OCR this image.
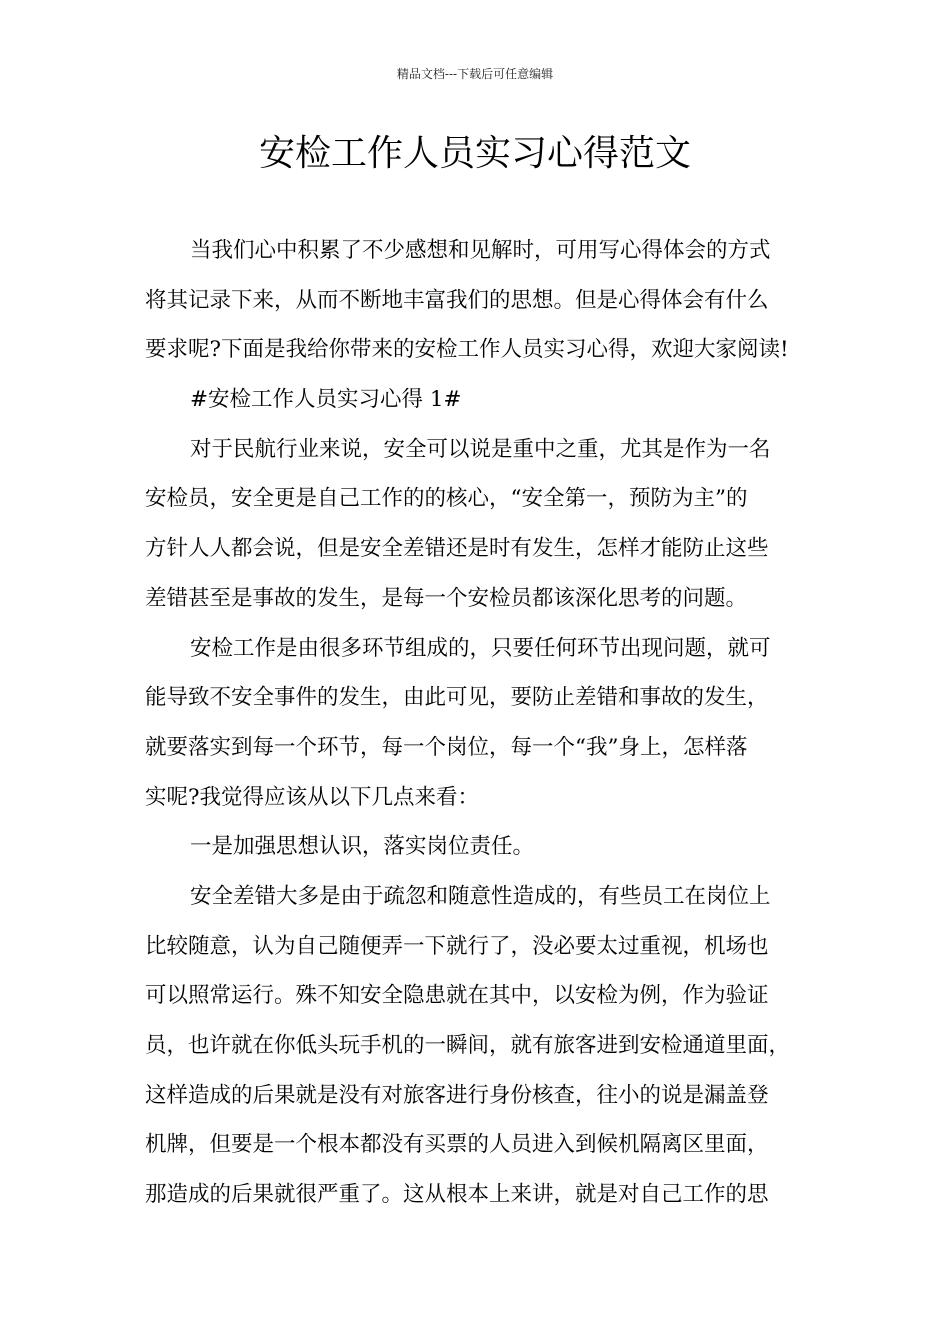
精品文档---下载后可任意编辑
安检工作人员实习心得范文
当我们心中积累了不少感想和见解时，可用写心得体会的方式
将其记录下来，从而不断地丰富我们的思想。但是心得体会有什么
要求呢?下面是我给你带来的安检工作人员实习心得，欢迎大家阅读!
#安检工作人员实习心得 1#
对于民航行业来说，安全可以说是重中之重，尤其是作为一名
安检员，安全更是自己工作的的核心，“安全第一，预防为主”的
方针人人都会说，但是安全差错还是时有发生，怎样才能防止这些
差错甚至是事故的发生，是每一个安检员都该深化思考的问题。
安检工作是由很多环节组成的，只要任何环节出现问题，就可
能导致不安全事件的发生，由此可见，要防止差错和事故的发生，
就要落实到每一个环节，每一个岗位，每一个“我”身上，怎样落
实呢?我觉得应该从以下几点来看：
一是加强思想认识，落实岗位责任。
安全差错大多是由于疏忽和随意性造成的，有些员工在岗位上
比较随意，认为自己随便弄一下就行了，没必要太过重视，机场也
可以照常运行。殊不知安全隐患就在其中，以安检为例，作为验证
员，也许就在你低头玩手机的一瞬间，就有旅客进到安检通道里面，
这样造成的后果就是没有对旅客进行身份核查，往小的说是漏盖登
机牌，但要是一个根本都没有买票的人员进入到候机隔离区里面，
那造成的后果就很严重了。这从根本上来讲，就是对自己工作的思
